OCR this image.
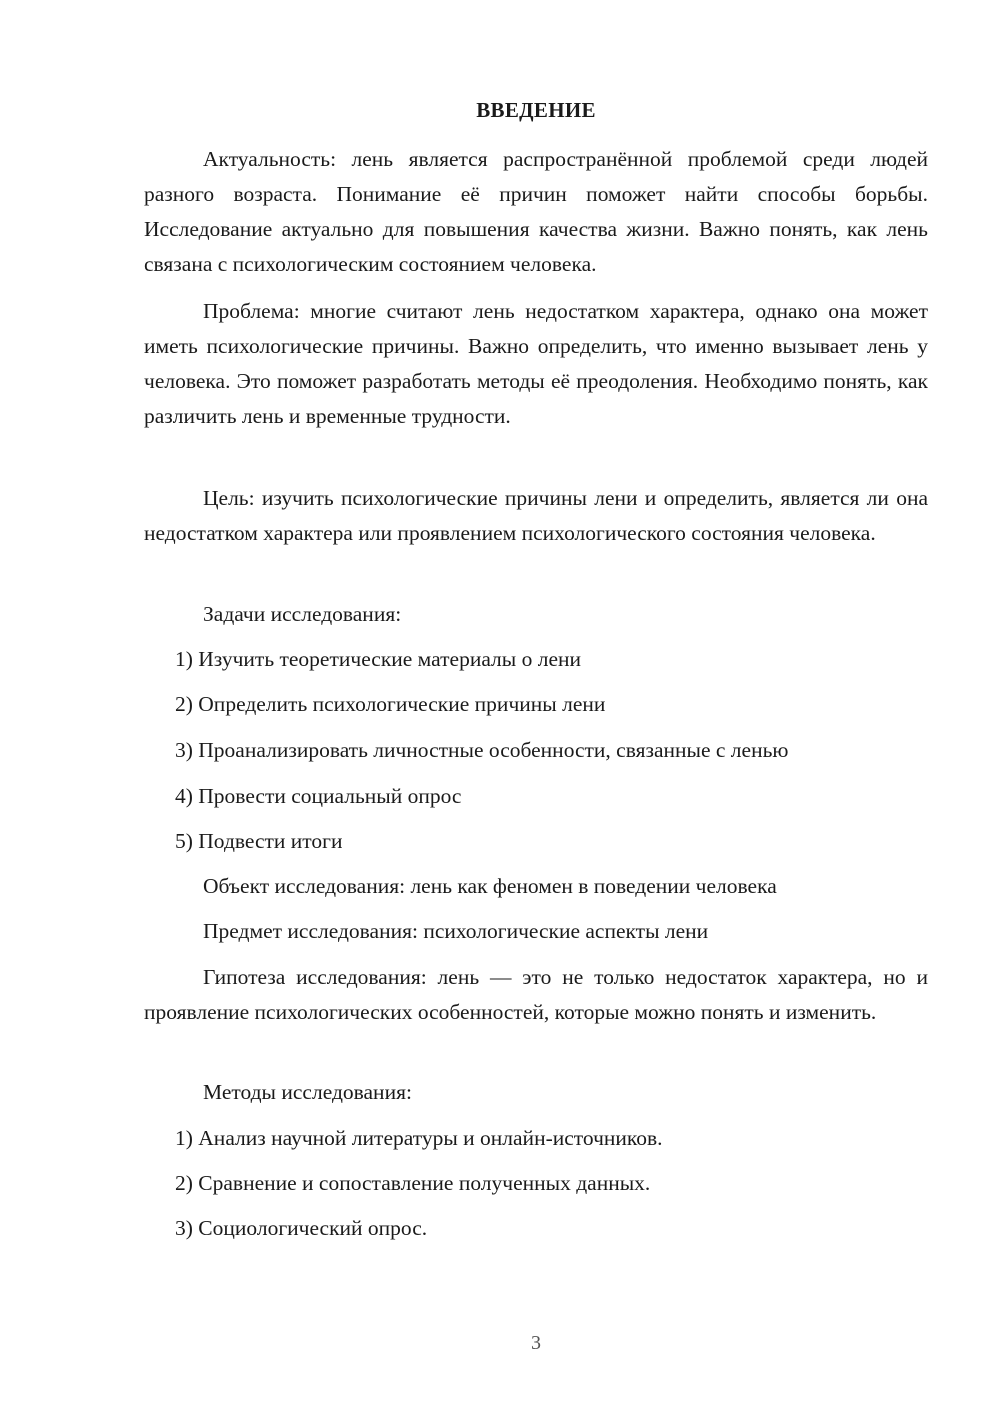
ВВЕДЕНИЕ

Актуальность: лень является распространённой проблемой среди людей разного возраста. Понимание её причин поможет найти способы борьбы. Исследование актуально для повышения качества жизни. Важно понять, как лень связана с психологическим состоянием человека.

Проблема: многие считают лень недостатком характера, однако она может иметь психологические причины. Важно определить, что именно вызывает лень у человека. Это поможет разработать методы её преодоления. Необходимо понять, как различить лень и временные трудности.

Цель: изучить психологические причины лени и определить, является ли она недостатком характера или проявлением психологического состояния человека.

Задачи исследования:

1) Изучить теоретические материалы о лени

2) Определить психологические причины лени

3) Проанализировать личностные особенности, связанные с ленью

4) Провести социальный опрос

5) Подвести итоги

Объект исследования: лень как феномен в поведении человека

Предмет исследования: психологические аспекты лени

Гипотеза исследования: лень — это не только недостаток характера, но и проявление психологических особенностей, которые можно понять и изменить.

Методы исследования:

1) Анализ научной литературы и онлайн-источников.

2) Сравнение и сопоставление полученных данных.

3) Социологический опрос.

3
